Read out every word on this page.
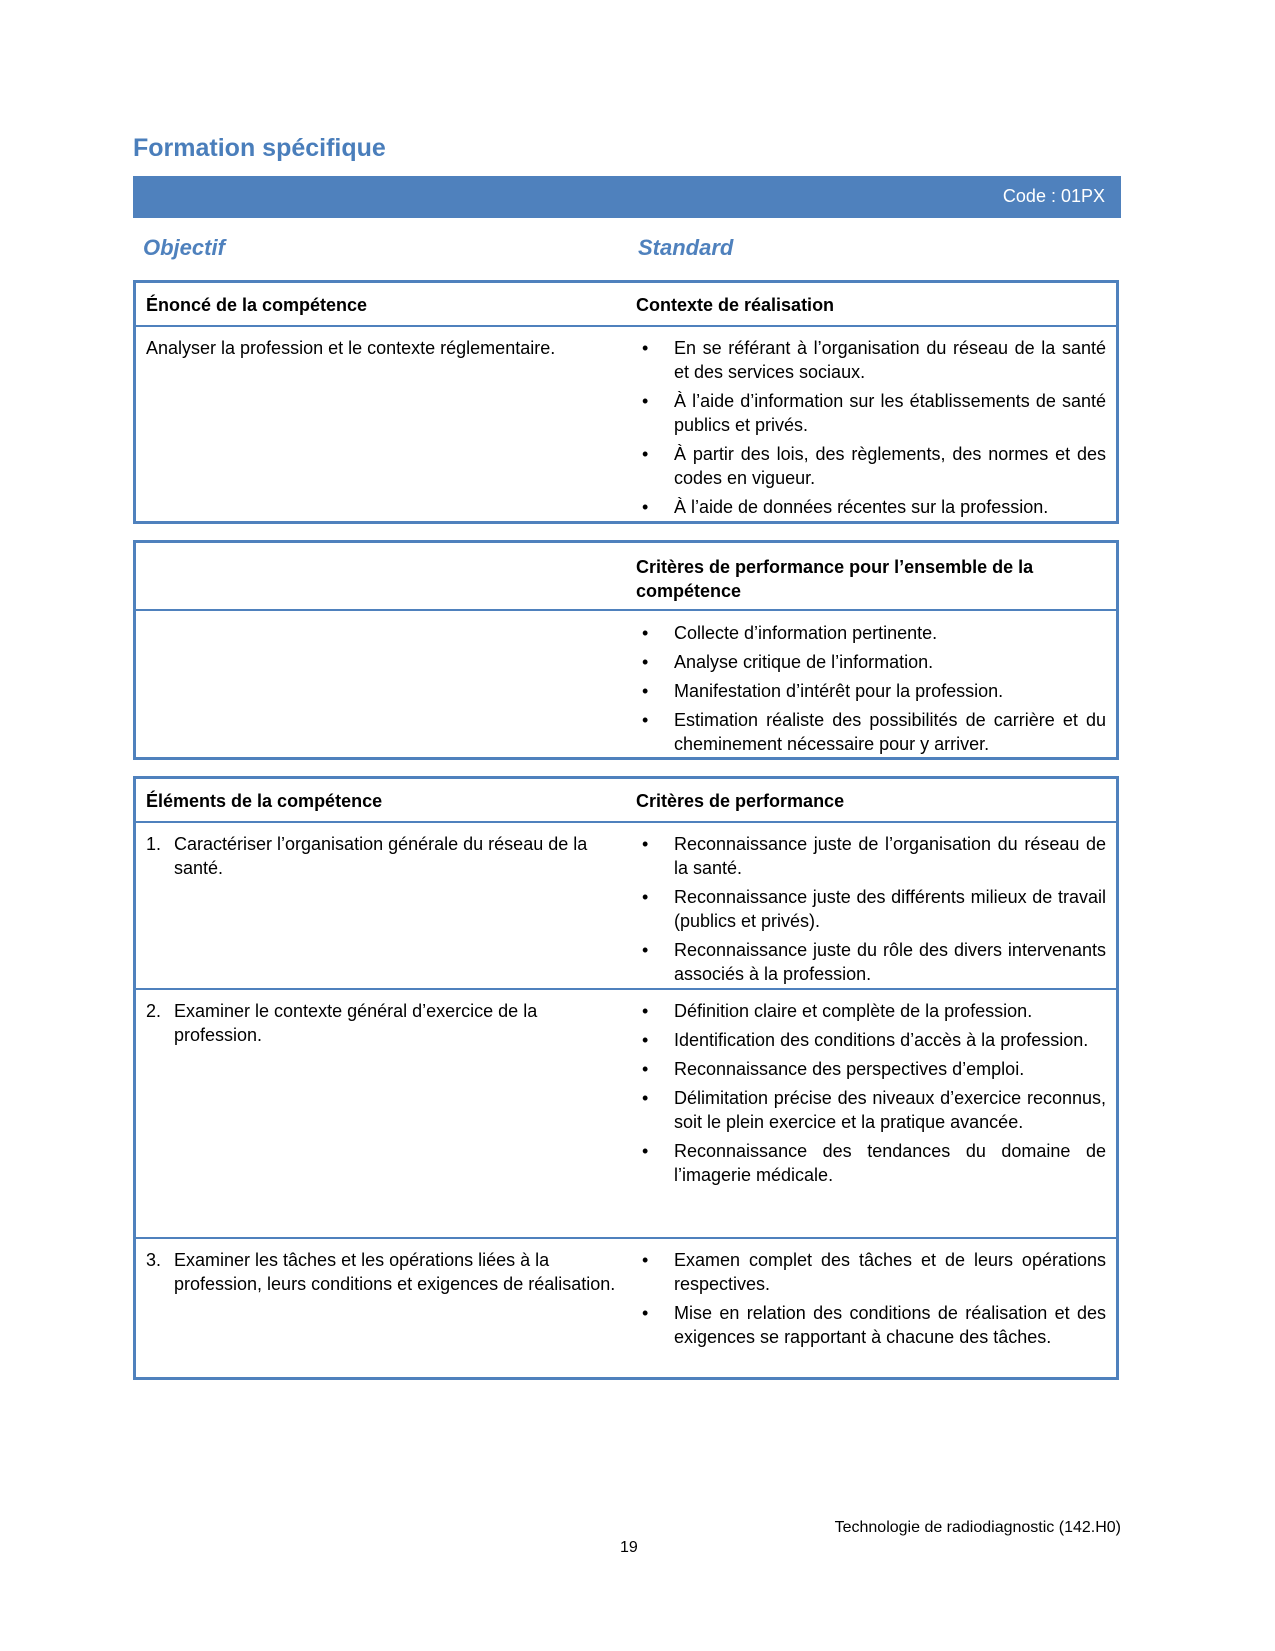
Formation spécifique
Code : 01PX
Objectif	Standard
Énoncé de la compétence	Contexte de réalisation
Analyser la profession et le contexte réglementaire.
•	En se référant à l’organisation du réseau de la santé et des services sociaux.
• À l’aide d’information sur les établissements de santé publics et privés.
• À partir des lois, des règlements, des normes et des codes en vigueur.
• À l’aide de données récentes sur la profession.
Critères de performance pour l’ensemble de la compétence
• Collecte d’information pertinente.
• Analyse critique de l’information.
• Manifestation d’intérêt pour la profession.
• Estimation réaliste des possibilités de carrière et du cheminement nécessaire pour y arriver.
Éléments de la compétence	Critères de performance
1. Caractériser l’organisation générale du réseau de la santé.
• Reconnaissance juste de l’organisation du réseau de la santé.
• Reconnaissance juste des différents milieux de travail (publics et privés).
• Reconnaissance juste du rôle des divers intervenants associés à la profession.
2. Examiner le contexte général d’exercice de la profession.
• Définition claire et complète de la profession.
• Identification des conditions d’accès à la profession.
• Reconnaissance des perspectives d’emploi.
• Délimitation précise des niveaux d’exercice reconnus, soit le plein exercice et la pratique avancée.
• Reconnaissance des tendances du domaine de l’imagerie médicale.
3. Examiner les tâches et les opérations liées à la profession, leurs conditions et exigences de réalisation.
• Examen complet des tâches et de leurs opérations respectives.
• Mise en relation des conditions de réalisation et des exigences se rapportant à chacune des tâches.
Technologie de radiodiagnostic (142.H0)
19
